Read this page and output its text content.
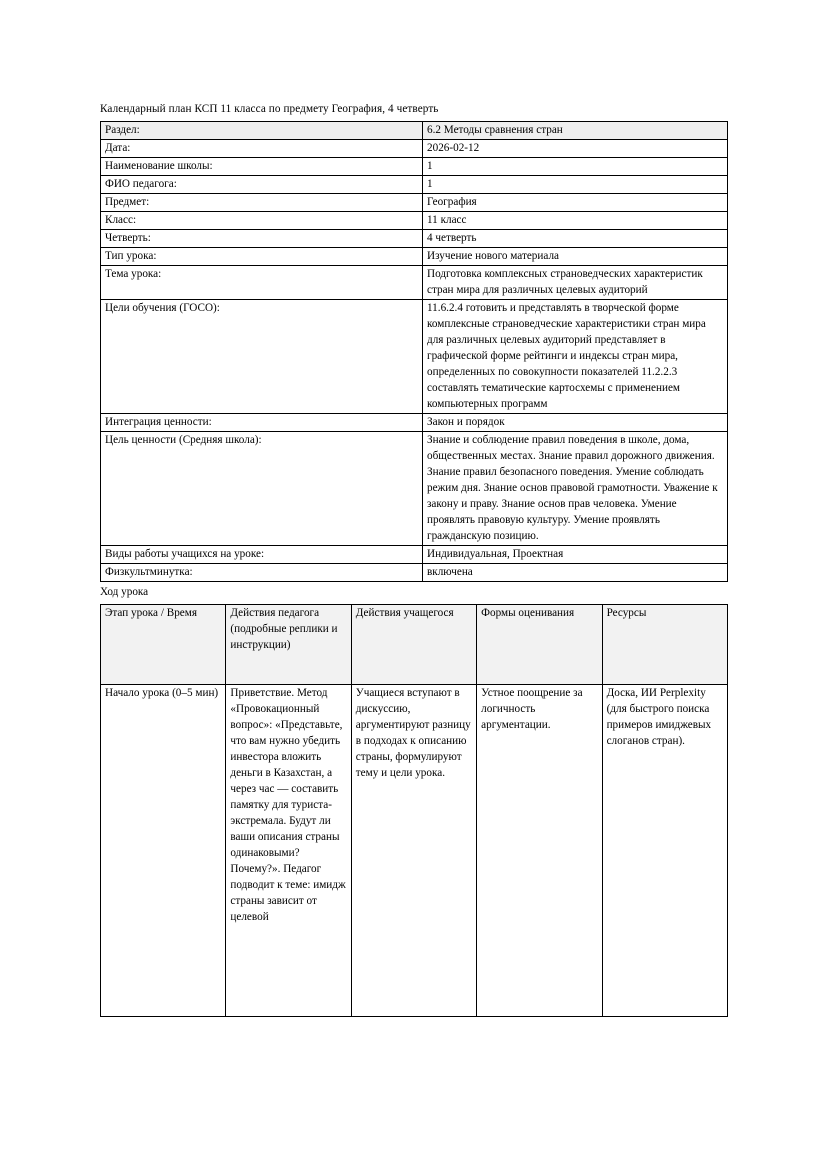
Календарный план КСП 11 класса по предмету География, 4 четверть
Раздел:	6.2 Методы сравнения стран
Дата:	2026-02-12
Наименование школы:	1
ФИО педагога:	1
Предмет:	География
Класс:	11 класс
Четверть:	4 четверть
Тип урока:	Изучение нового материала
Тема урока:	Подготовка комплексных страноведческих характеристик стран мира для различных целевых аудиторий
Цели обучения (ГОСО):	11.6.2.4 готовить и представлять в творческой форме комплексные страноведческие характеристики стран мира для различных целевых аудиторий представляет в графической форме рейтинги и индексы стран мира, определенных по совокупности показателей 11.2.2.3 составлять тематические картосхемы с применением компьютерных программ
Интеграция ценности:	Закон и порядок
Цель ценности (Средняя школа):	Знание и соблюдение правил поведения в школе, дома, общественных местах. Знание правил дорожного движения. Знание правил безопасного поведения. Умение соблюдать режим дня. Знание основ правовой грамотности. Уважение к закону и праву. Знание основ прав человека. Умение проявлять правовую культуру. Умение проявлять гражданскую позицию.
Виды работы учащихся на уроке:	Индивидуальная, Проектная
Физкультминутка:	включена
Ход урока
Этап урока / Время	Действия педагога (подробные реплики и инструкции)	Действия учащегося	Формы оценивания	Ресурсы
Начало урока (0–5 мин)	Приветствие. Метод «Провокационный вопрос»: «Представьте, что вам нужно убедить инвестора вложить деньги в Казахстан, а через час — составить памятку для туриста-экстремала. Будут ли ваши описания страны одинаковыми? Почему?». Педагог подводит к теме: имидж страны зависит от целевой	Учащиеся вступают в дискуссию, аргументируют разницу в подходах к описанию страны, формулируют тему и цели урока.	Устное поощрение за логичность аргументации.	Доска, ИИ Perplexity (для быстрого поиска примеров имиджевых слоганов стран).
